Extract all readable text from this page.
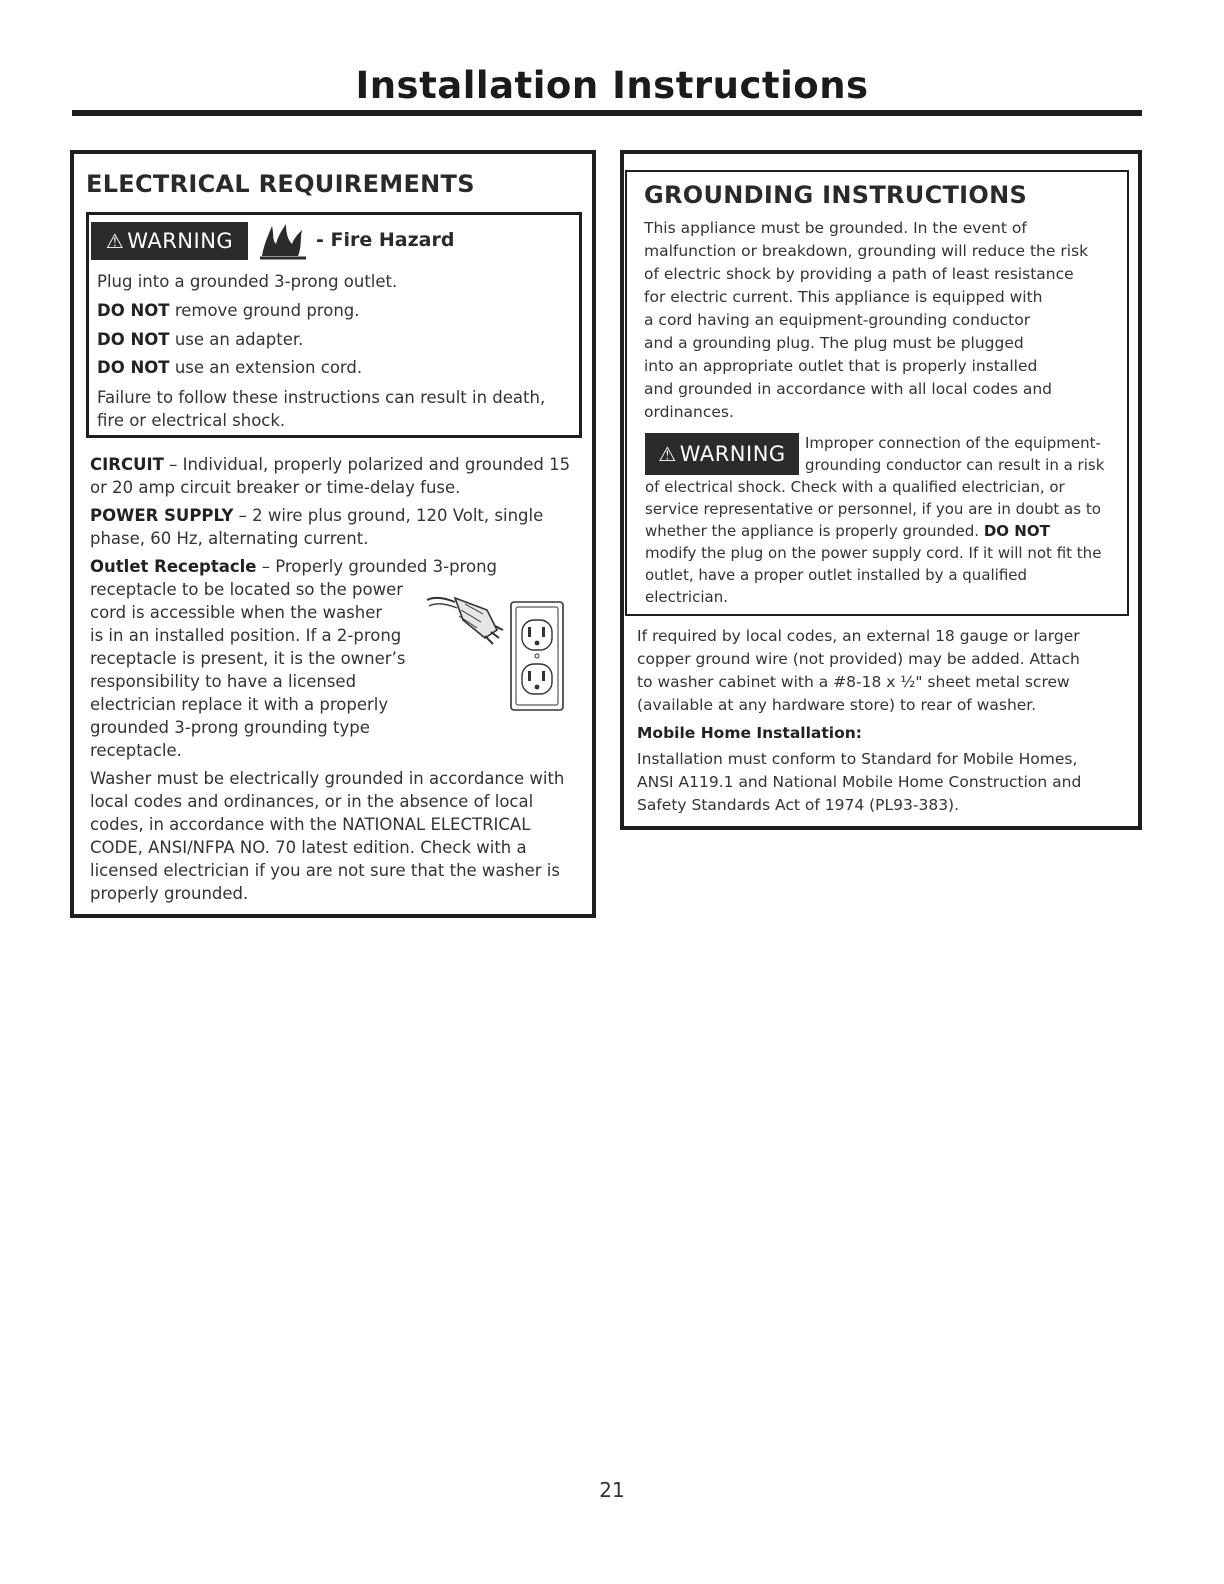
Installation Instructions
ELECTRICAL REQUIREMENTS
⚠ WARNING	- Fire Hazard
Plug into a grounded 3-prong outlet.
DO NOT remove ground prong.
DO NOT use an adapter.
DO NOT use an extension cord.
Failure to follow these instructions can result in death,
fire or electrical shock.
CIRCUIT – Individual, properly polarized and grounded 15
or 20 amp circuit breaker or time-delay fuse.
POWER SUPPLY – 2 wire plus ground, 120 Volt, single
phase, 60 Hz, alternating current.
Outlet Receptacle – Properly grounded 3-prong
receptacle to be located so the power
cord is accessible when the washer
is in an installed position. If a 2-prong
receptacle is present, it is the owner’s
responsibility to have a licensed
electrician replace it with a properly
grounded 3-prong grounding type
receptacle.
Washer must be electrically grounded in accordance with
local codes and ordinances, or in the absence of local
codes, in accordance with the NATIONAL ELECTRICAL
CODE, ANSI/NFPA NO. 70 latest edition. Check with a
licensed electrician if you are not sure that the washer is
properly grounded.
GROUNDING INSTRUCTIONS
This appliance must be grounded. In the event of
malfunction or breakdown, grounding will reduce the risk
of electric shock by providing a path of least resistance
for electric current. This appliance is equipped with
a cord having an equipment-grounding conductor
and a grounding plug. The plug must be plugged
into an appropriate outlet that is properly installed
and grounded in accordance with all local codes and
ordinances.
⚠ WARNING Improper connection of the equipment-
grounding conductor can result in a risk
of electrical shock. Check with a qualified electrician, or
service representative or personnel, if you are in doubt as to
whether the appliance is properly grounded. DO NOT
modify the plug on the power supply cord. If it will not fit the
outlet, have a proper outlet installed by a qualified
electrician.
If required by local codes, an external 18 gauge or larger
copper ground wire (not provided) may be added. Attach
to washer cabinet with a #8-18 x ½" sheet metal screw
(available at any hardware store) to rear of washer.
Mobile Home Installation:
Installation must conform to Standard for Mobile Homes,
ANSI A119.1 and National Mobile Home Construction and
Safety Standards Act of 1974 (PL93-383).
21
